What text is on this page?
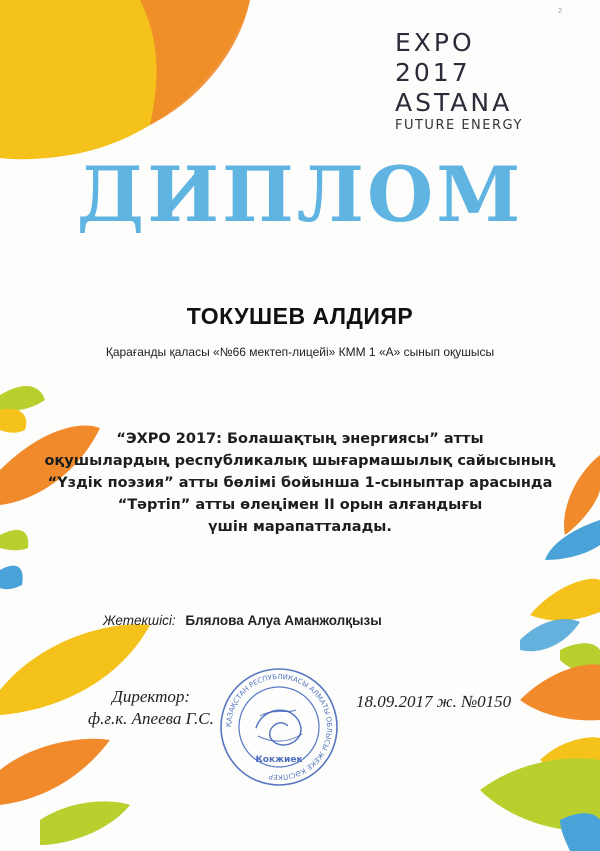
2
EXPO
2017
ASTANA
FUTURE ENERGY
ДИПЛОМ
ТОКУШЕВ АЛДИЯР
Қарағанды қаласы «№66 мектеп-лицейі» КММ 1 «А» сынып оқушысы
“ЭХРО 2017: Болашақтың энергиясы” атты
оқушылардың республикалық шығармашылық сайысының
“Үздік поэзия” атты бөлімі бойынша 1-сыныптар арасында
“Тәртіп” атты өлеңімен II орын алғандығы
үшін марапатталады.
Жетекшісі: Блялова Алуа Аманжолқызы
Директор:
ф.ғ.к. Апеева Г.С.
18.09.2017 ж. №0150
ҚАЗАҚСТАН РЕСПУБЛИКАСЫ АЛМАТЫ ОБЛЫСЫ ЖЕКЕ КӘСІПКЕР
Кокжиек
